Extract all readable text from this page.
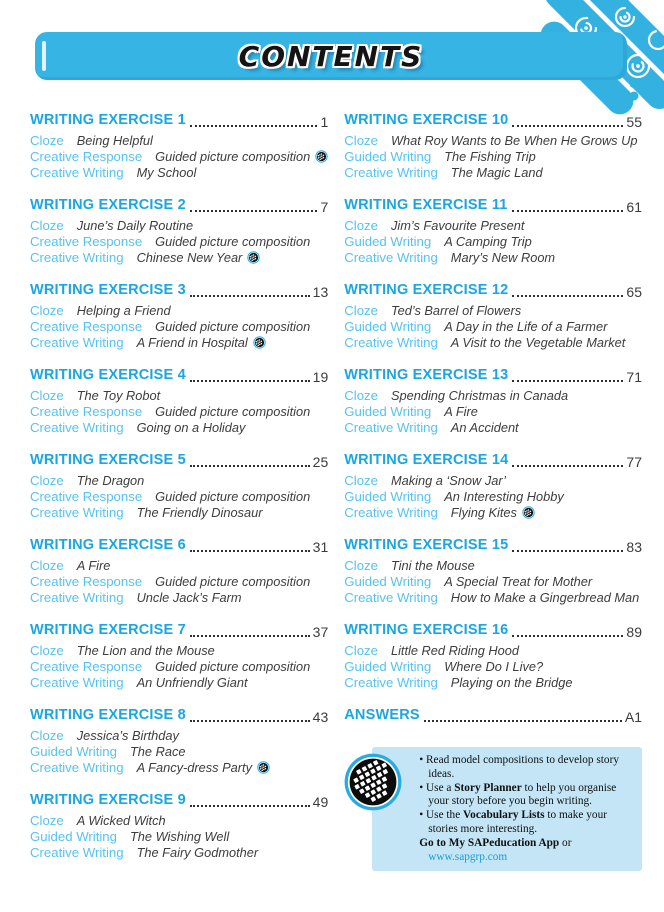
CONTENTS
WRITING EXERCISE 1	1
Cloze Being Helpful
Creative Response Guided picture composition
Creative Writing My School
WRITING EXERCISE 2	7
Cloze June’s Daily Routine
Creative Response Guided picture composition
Creative Writing Chinese New Year
WRITING EXERCISE 3	13
Cloze Helping a Friend
Creative Response Guided picture composition
Creative Writing A Friend in Hospital
WRITING EXERCISE 4	19
Cloze The Toy Robot
Creative Response Guided picture composition
Creative Writing Going on a Holiday
WRITING EXERCISE 5	25
Cloze The Dragon
Creative Response Guided picture composition
Creative Writing The Friendly Dinosaur
WRITING EXERCISE 6	31
Cloze A Fire
Creative Response Guided picture composition
Creative Writing Uncle Jack’s Farm
WRITING EXERCISE 7	37
Cloze The Lion and the Mouse
Creative Response Guided picture composition
Creative Writing An Unfriendly Giant
WRITING EXERCISE 8	43
Cloze Jessica’s Birthday
Guided Writing The Race
Creative Writing A Fancy-dress Party
WRITING EXERCISE 9	49
Cloze A Wicked Witch
Guided Writing The Wishing Well
Creative Writing The Fairy Godmother
WRITING EXERCISE 10	55
Cloze What Roy Wants to Be When He Grows Up
Guided Writing The Fishing Trip
Creative Writing The Magic Land
WRITING EXERCISE 11	61
Cloze Jim’s Favourite Present
Guided Writing A Camping Trip
Creative Writing Mary’s New Room
WRITING EXERCISE 12	65
Cloze Ted’s Barrel of Flowers
Guided Writing A Day in the Life of a Farmer
Creative Writing A Visit to the Vegetable Market
WRITING EXERCISE 13	71
Cloze Spending Christmas in Canada
Guided Writing A Fire
Creative Writing An Accident
WRITING EXERCISE 14	77
Cloze Making a ‘Snow Jar’
Guided Writing An Interesting Hobby
Creative Writing Flying Kites
WRITING EXERCISE 15	83
Cloze Tini the Mouse
Guided Writing A Special Treat for Mother
Creative Writing How to Make a Gingerbread Man
WRITING EXERCISE 16	89
Cloze Little Red Riding Hood
Guided Writing Where Do I Live?
Creative Writing Playing on the Bridge
ANSWERS	A1
• Read model compositions to develop story ideas.
• Use a Story Planner to help you organise your story before you begin writing.
• Use the Vocabulary Lists to make your stories more interesting.
Go to My SAPeducation App or www.sapgrp.com
